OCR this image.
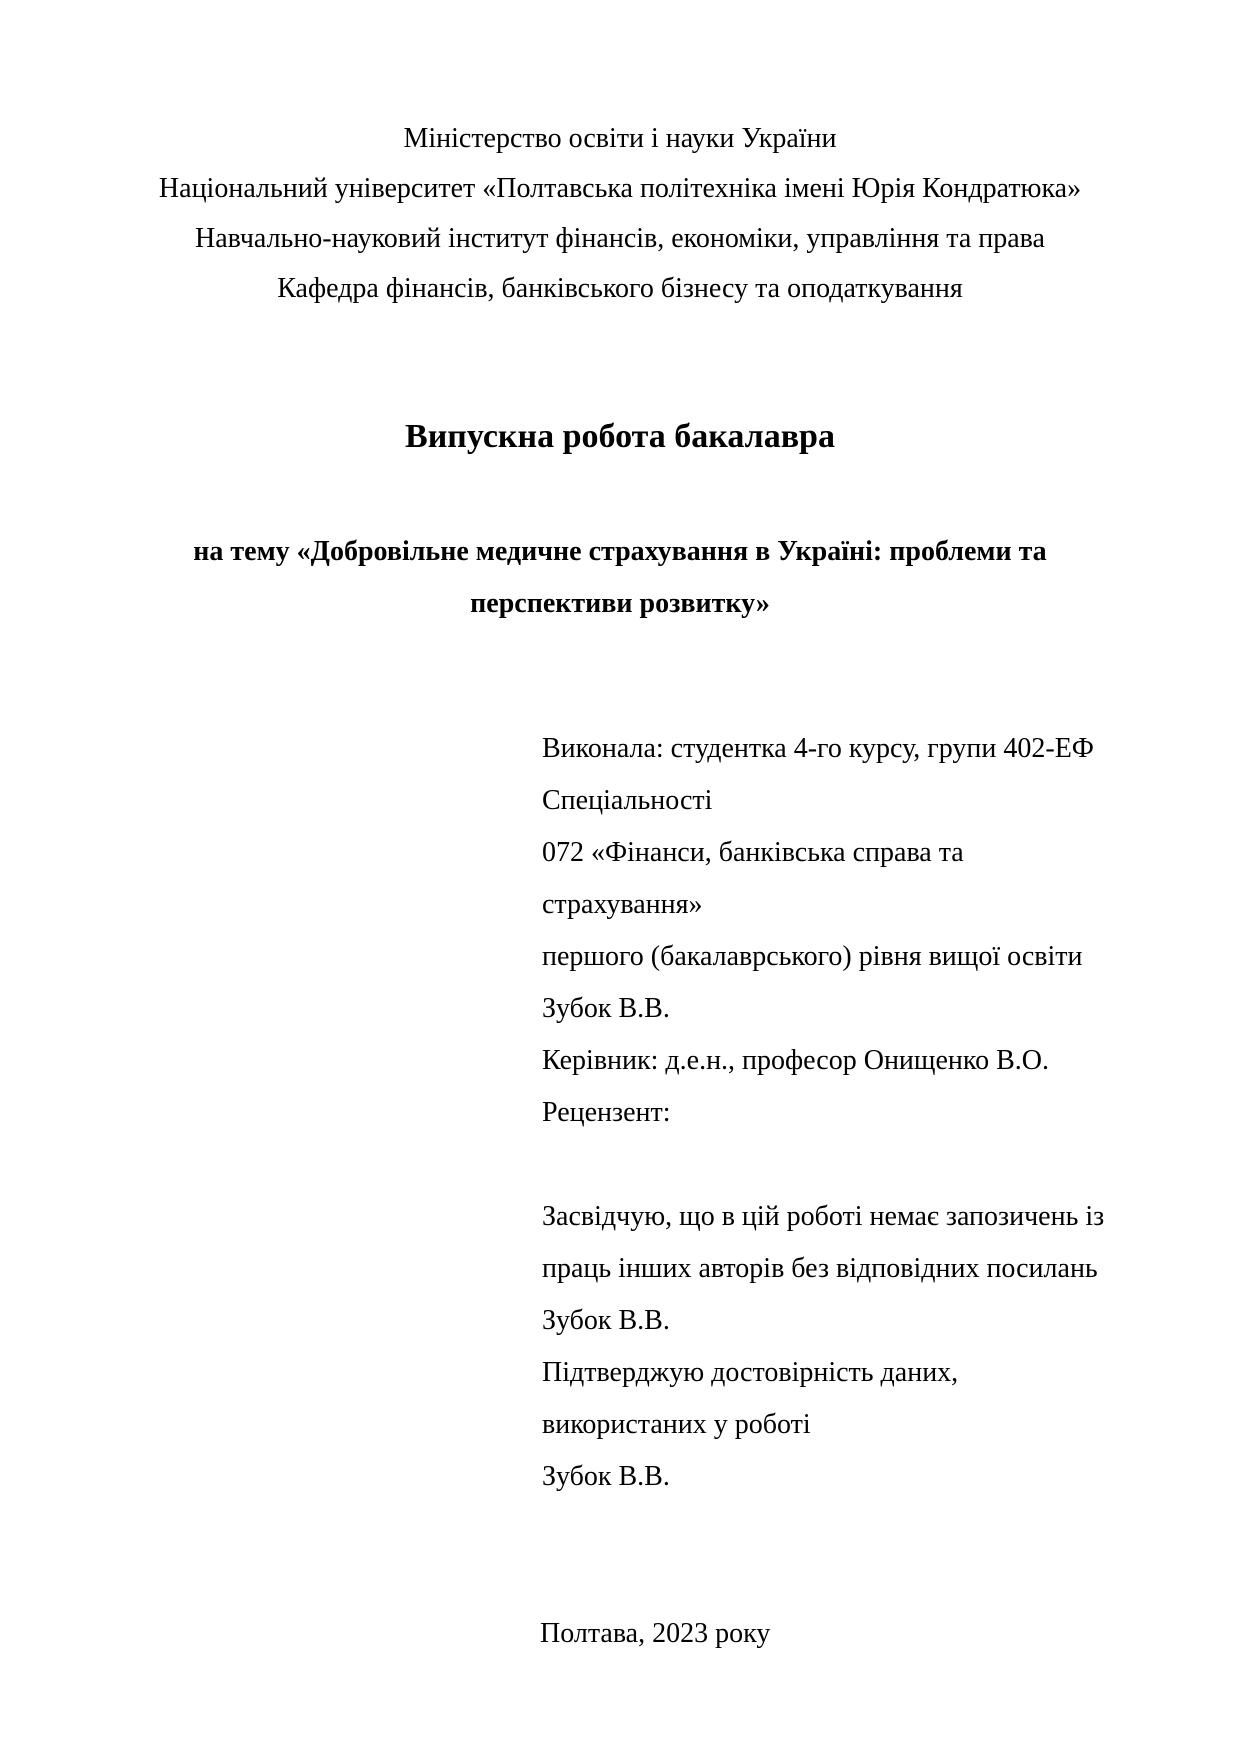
Міністерство освіти і науки України
Національний університет «Полтавська політехніка імені Юрія Кондратюка»
Навчально-науковий інститут фінансів, економіки, управління та права
Кафедра фінансів, банківського бізнесу та оподаткування
Випускна робота бакалавра
на тему «Добровільне медичне страхування в Україні: проблеми та
перспективи розвитку»
Виконала: студентка 4-го курсу, групи 402-ЕФ
Спеціальності
072 «Фінанси, банківська справа та
страхування»
першого (бакалаврського) рівня вищої освіти
Зубок В.В.
Керівник: д.е.н., професор Онищенко В.О.
Рецензент:
Засвідчую, що в цій роботі немає запозичень із
праць інших авторів без відповідних посилань
Зубок В.В.
Підтверджую достовірність даних,
використаних у роботі
Зубок В.В.
Полтава, 2023 року
